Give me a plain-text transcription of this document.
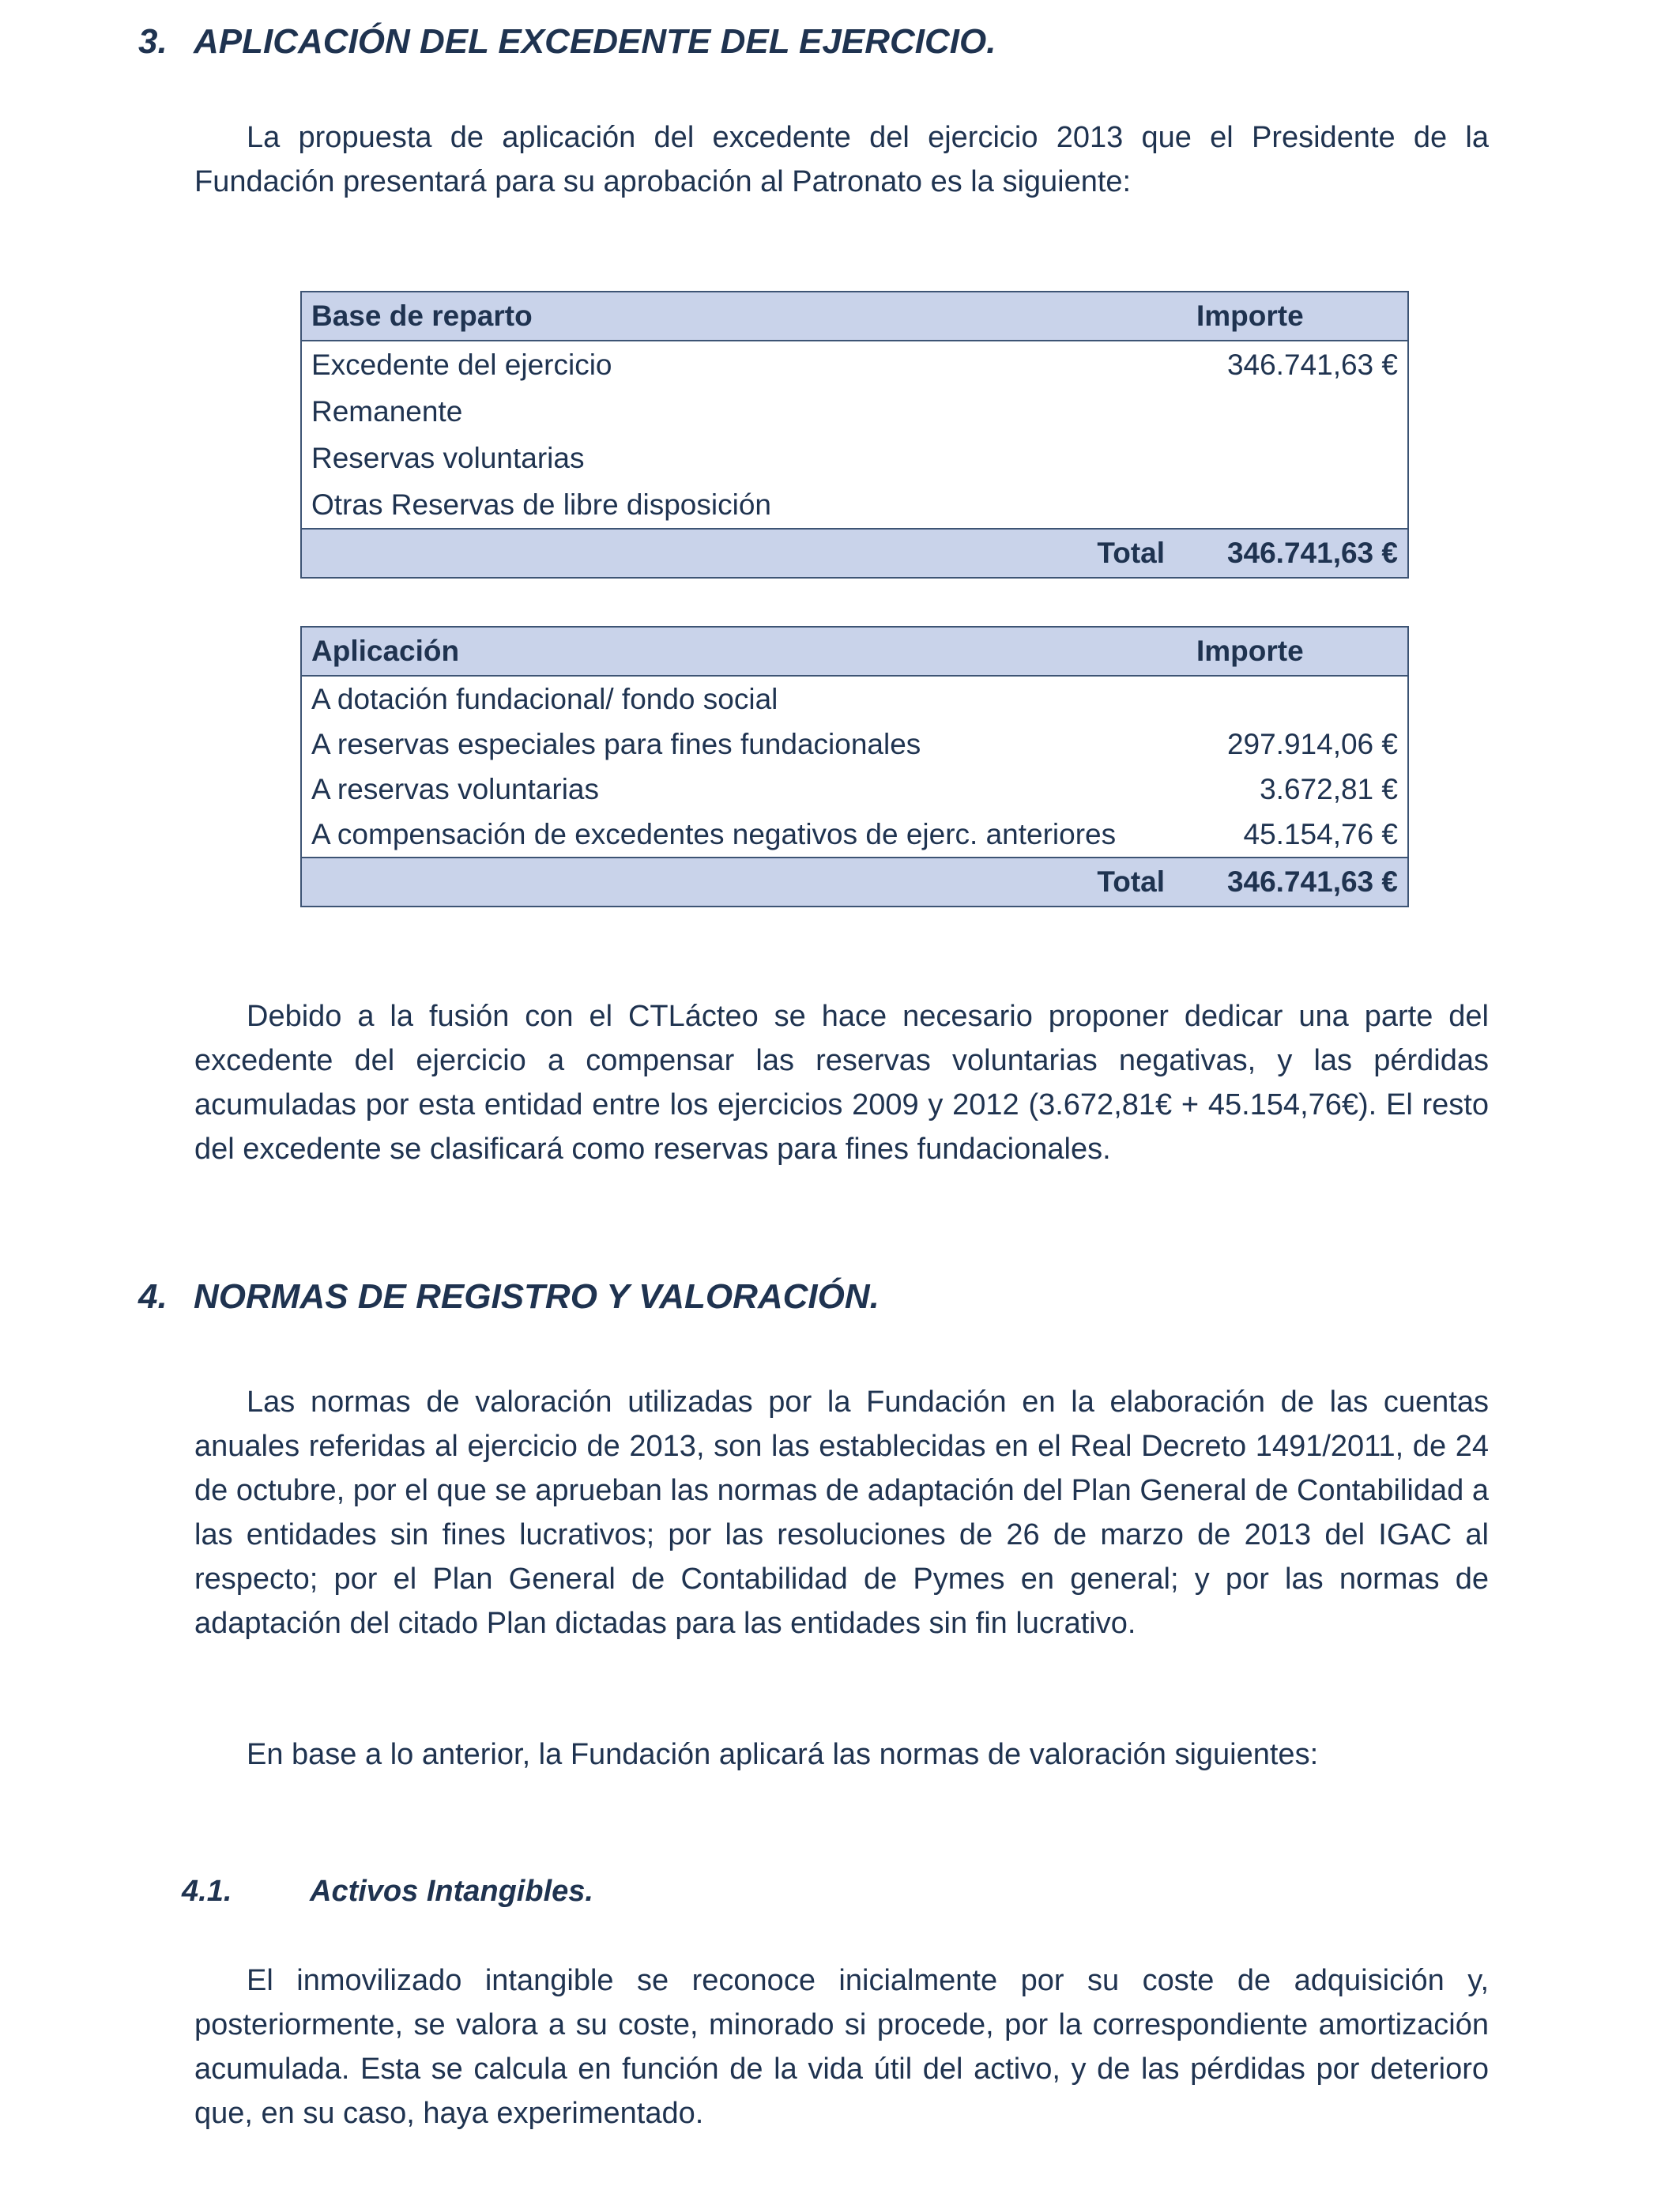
3. APLICACIÓN DEL EXCEDENTE DEL EJERCICIO.

La propuesta de aplicación del excedente del ejercicio 2013 que el Presidente de la Fundación presentará para su aprobación al Patronato es la siguiente:

Base de reparto		Importe
Excedente del ejercicio		346.741,63 €
Remanente		
Reservas voluntarias		
Otras Reservas de libre disposición		
	Total	346.741,63 €
Aplicación		Importe
A dotación fundacional/ fondo social		
A reservas especiales para fines fundacionales		297.914,06 €
A reservas voluntarias		3.672,81 €
A compensación de excedentes negativos de ejerc. anteriores		45.154,76 €
	Total	346.741,63 €

Debido a la fusión con el CTLácteo se hace necesario proponer dedicar una parte del excedente del ejercicio a compensar las reservas voluntarias negativas, y las pérdidas acumuladas por esta entidad entre los ejercicios 2009 y 2012 (3.672,81€ + 45.154,76€). El resto del excedente se clasificará como reservas para fines fundacionales.

4. NORMAS DE REGISTRO Y VALORACIÓN.

Las normas de valoración utilizadas por la Fundación en la elaboración de las cuentas anuales referidas al ejercicio de 2013, son las establecidas en el Real Decreto 1491/2011, de 24 de octubre, por el que se aprueban las normas de adaptación del Plan General de Contabilidad a las entidades sin fines lucrativos; por las resoluciones de 26 de marzo de 2013 del IGAC al respecto; por el Plan General de Contabilidad de Pymes en general; y por las normas de adaptación del citado Plan dictadas para las entidades sin fin lucrativo.

En base a lo anterior, la Fundación aplicará las normas de valoración siguientes:

4.1.	Activos Intangibles.

El inmovilizado intangible se reconoce inicialmente por su coste de adquisición y, posteriormente, se valora a su coste, minorado si procede, por la correspondiente amortización acumulada. Esta se calcula en función de la vida útil del activo, y de las pérdidas por deterioro que, en su caso, haya experimentado.
